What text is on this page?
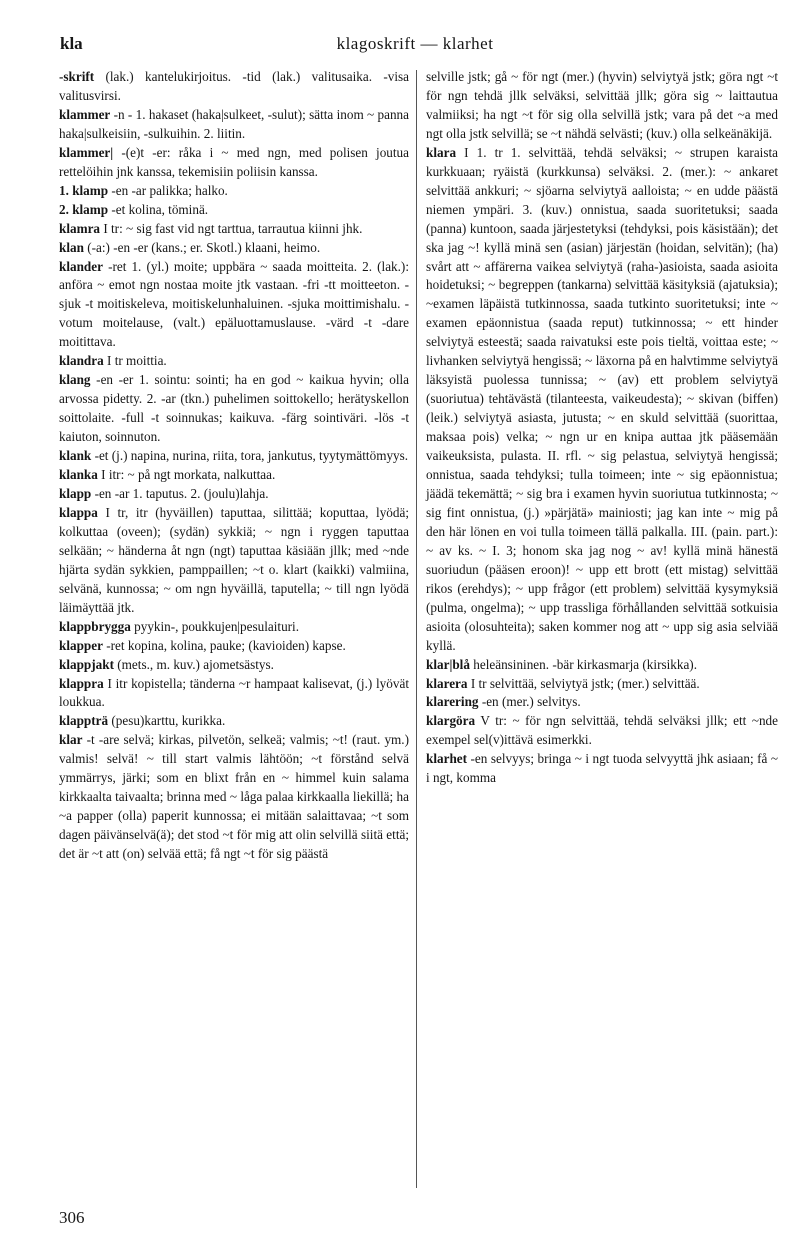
kla	klagoskrift — klarhet

-skrift (lak.) kantelukirjoitus. -tid (lak.) valitusaika. -visa valitusvirsi.

klammer -n - 1. hakaset (haka|sulkeet, -sulut); sätta inom ~ panna haka|sulkeisiin, -sulkuihin. 2. liitin.

klammer| -(e)t -er: råka i ~ med ngn, med polisen joutua rettelöihin jnk kanssa, tekemisiin poliisin kanssa.

1. klamp -en -ar palikka; halko.

2. klamp -et kolina, töminä.

klamra I tr: ~ sig fast vid ngt tarttua, tarrautua kiinni jhk.

klan (-a:) -en -er (kans.; er. Skotl.) klaani, heimo.

klander -ret 1. (yl.) moite; uppbära ~ saada moitteita. 2. (lak.): anföra ~ emot ngn nostaa moite jtk vastaan. -fri -tt moitteeton. -sjuk -t moitiskeleva, moitiskelunhaluinen. -sjuka moittimishalu. -votum moitelause, (valt.) epäluottamuslause. -värd -t -dare moitittava.

klandra I tr moittia.

klang -en -er 1. sointu: sointi; ha en god ~ kaikua hyvin; olla arvossa pidetty. 2. -ar (tkn.) puhelimen soittokello; herätyskellon soittolaite. -full -t soinnukas; kaikuva. -färg sointiväri. -lös -t kaiuton, soinnuton.

klank -et (j.) napina, nurina, riita, tora, jankutus, tyytymättömyys.

klanka I itr: ~ på ngt morkata, nalkuttaa.

klapp -en -ar 1. taputus. 2. (joulu)lahja.

klappa I tr, itr (hyväillen) taputtaa, silittää; koputtaa, lyödä; kolkuttaa (oveen); (sydän) sykkiä; ~ ngn i ryggen taputtaa selkään; ~ händerna åt ngn (ngt) taputtaa käsiään jllk; med ~nde hjärta sydän sykkien, pamppaillen; ~t o. klart (kaikki) valmiina, selvänä, kunnossa; ~ om ngn hyväillä, taputella; ~ till ngn lyödä läimäyttää jtk.

klappbrygga pyykin-, poukkujen|pesulaituri.

klapper -ret kopina, kolina, pauke; (kavioiden) kapse.

klappjakt (mets., m. kuv.) ajometsästys.

klappra I itr kopistella; tänderna ~r hampaat kalisevat, (j.) lyövät loukkua.

klappträ (pesu)karttu, kurikka.

klar -t -are selvä; kirkas, pilvetön, selkeä; valmis; ~t! (raut. ym.) valmis! selvä! ~ till start valmis lähtöön; ~t förstånd selvä ymmärrys, järki; som en blixt från en ~ himmel kuin salama kirkkaalta taivaalta; brinna med ~ låga palaa kirkkaalla liekillä; ha ~a papper (olla) paperit kunnossa; ei mitään salaittavaa; ~t som dagen päivänselvä(ä); det stod ~t för mig att olin selvillä siitä että; det är ~t att (on) selvää että; få ngt ~t för sig päästä

selville jstk; gå ~ för ngt (mer.) (hyvin) selviytyä jstk; göra ngt ~t för ngn tehdä jllk selväksi, selvittää jllk; göra sig ~ laittautua valmiiksi; ha ngt ~t för sig olla selvillä jstk; vara på det ~a med ngt olla jstk selvillä; se ~t nähdä selvästi; (kuv.) olla selkeänäkijä.

klara I 1. tr 1. selvittää, tehdä selväksi; ~ strupen karaista kurkkuaan; ryäistä (kurkkunsa) selväksi. 2. (mer.): ~ ankaret selvittää ankkuri; ~ sjöarna selviytyä aalloista; ~ en udde päästä niemen ympäri. 3. (kuv.) onnistua, saada suoritetuksi; saada (panna) kuntoon, saada järjestetyksi (tehdyksi, pois käsistään); det ska jag ~! kyllä minä sen (asian) järjestän (hoidan, selvitän); (ha) svårt att ~ affärerna vaikea selviytyä (raha-)asioista, saada asioita hoidetuksi; ~ begreppen (tankarna) selvittää käsityksiä (ajatuksia); ~examen läpäistä tutkinnossa, saada tutkinto suoritetuksi; inte ~ examen epäonnistua (saada reput) tutkinnossa; ~ ett hinder selviytyä esteestä; saada raivatuksi este pois tieltä, voittaa este; ~ livhanken selviytyä hengissä; ~ läxorna på en halvtimme selviytyä läksyistä puolessa tunnissa; ~ (av) ett problem selviytyä (suoriutua) tehtävästä (tilanteesta, vaikeudesta); ~ skivan (biffen) (leik.) selviytyä asiasta, jutusta; ~ en skuld selvittää (suorittaa, maksaa pois) velka; ~ ngn ur en knipa auttaa jtk pääsemään vaikeuksista, pulasta. II. rfl. ~ sig pelastua, selviytyä hengissä; onnistua, saada tehdyksi; tulla toimeen; inte ~ sig epäonnistua; jäädä tekemättä; ~ sig bra i examen hyvin suoriutua tutkinnosta; ~ sig fint onnistua, (j.) »pärjätä» mainiosti; jag kan inte ~ mig på den här lönen en voi tulla toimeen tällä palkalla. III. (pain. part.): ~ av ks. ~ I. 3; honom ska jag nog ~ av! kyllä minä hänestä suoriudun (pääsen eroon)! ~ upp ett brott (ett mistag) selvittää rikos (erehdys); ~ upp frågor (ett problem) selvittää kysymyksiä (pulma, ongelma); ~ upp trassliga förhållanden selvittää sotkuisia asioita (olosuhteita); saken kommer nog att ~ upp sig asia selviää kyllä.

klar|blå heleänsininen. -bär kirkasmarja (kirsikka).

klarera I tr selvittää, selviytyä jstk; (mer.) selvittää.

klarering -en (mer.) selvitys.

klargöra V tr: ~ för ngn selvittää, tehdä selväksi jllk; ett ~nde exempel sel(v)ittävä esimerkki.

klarhet -en selvyys; bringa ~ i ngt tuoda selvyyttä jhk asiaan; få ~ i ngt, komma

306
